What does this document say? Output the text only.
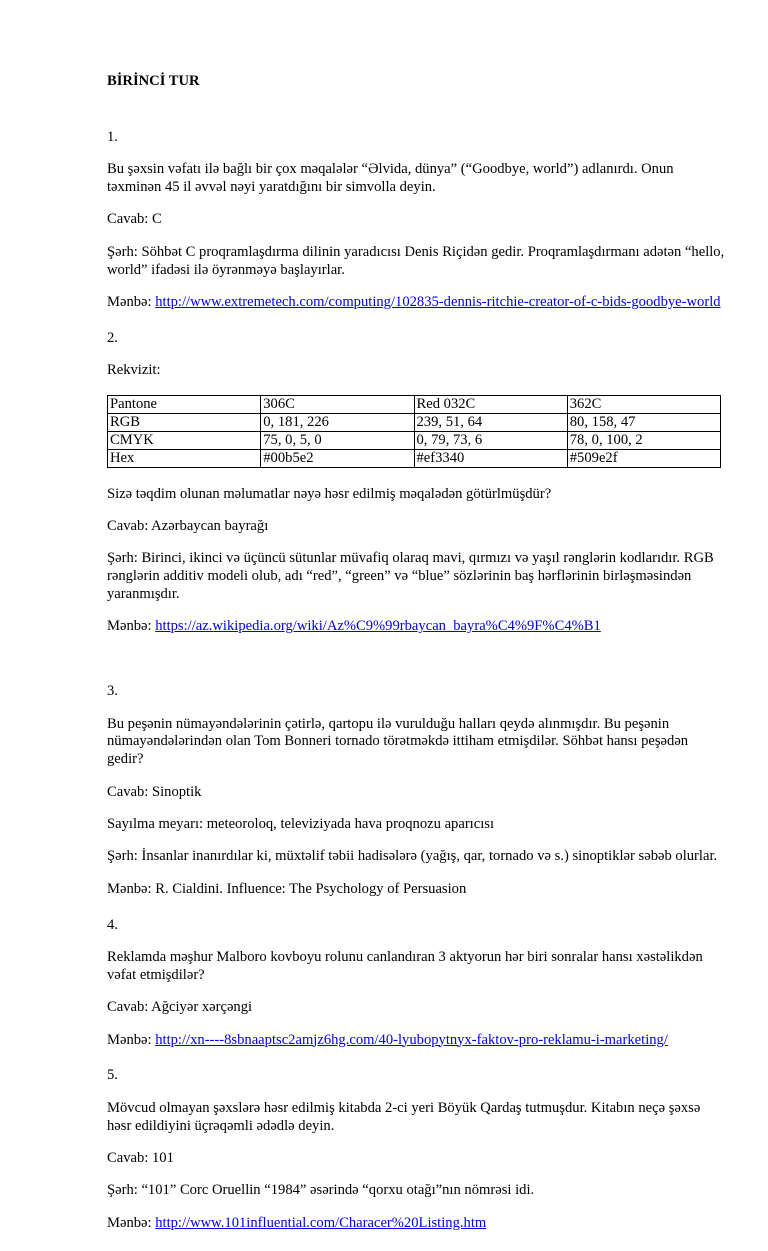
BİRİNCİ TUR

1.

Bu şəxsin vəfatı ilə bağlı bir çox məqalələr “Əlvida, dünya” (“Goodbye, world”) adlanırdı. Onun təxminən 45 il əvvəl nəyi yaratdığını bir simvolla deyin.

Cavab: C

Şərh: Söhbət C proqramlaşdırma dilinin yaradıcısı Denis Riçidən gedir. Proqramlaşdırmanı adətən “hello, world” ifadəsi ilə öyrənməyə başlayırlar.

Mənbə: http://www.extremetech.com/computing/102835-dennis-ritchie-creator-of-c-bids-goodbye-world

2.

Rekvizit:

Pantone	306C	Red 032C	362C
RGB	0, 181, 226	239, 51, 64	80, 158, 47
CMYK	75, 0, 5, 0	0, 79, 73, 6	78, 0, 100, 2
Hex	#00b5e2	#ef3340	#509e2f

Sizə təqdim olunan məlumatlar nəyə həsr edilmiş məqalədən götürlmüşdür?

Cavab: Azərbaycan bayrağı

Şərh: Birinci, ikinci və üçüncü sütunlar müvafiq olaraq mavi, qırmızı və yaşıl rənglərin kodlarıdır. RGB rənglərin additiv modeli olub, adı “red”, “green” və “blue” sözlərinin baş hərflərinin birləşməsindən yaranmışdır.

Mənbə: https://az.wikipedia.org/wiki/Az%C9%99rbaycan_bayra%C4%9F%C4%B1

3.

Bu peşənin nümayəndələrinin çətirlə, qartopu ilə vurulduğu halları qeydə alınmışdır. Bu peşənin nümayəndələrindən olan Tom Bonneri tornado törətməkdə ittiham etmişdilər. Söhbət hansı peşədən gedir?

Cavab: Sinoptik

Sayılma meyarı: meteoroloq, televiziyada hava proqnozu aparıcısı

Şərh: İnsanlar inanırdılar ki, müxtəlif təbii hadisələrə (yağış, qar, tornado və s.) sinoptiklər səbəb olurlar.

Mənbə: R. Cialdini. Influence: The Psychology of Persuasion

4.

Reklamda məşhur Malboro kovboyu rolunu canlandıran 3 aktyorun hər biri sonralar hansı xəstəlikdən vəfat etmişdilər?

Cavab: Ağciyər xərçəngi

Mənbə: http://xn----8sbnaaptsc2amjz6hg.com/40-lyubopytnyx-faktov-pro-reklamu-i-marketing/

5.

Mövcud olmayan şəxslərə həsr edilmiş kitabda 2-ci yeri Böyük Qardaş tutmuşdur. Kitabın neçə şəxsə həsr edildiyini üçrəqəmli ədədlə deyin.

Cavab: 101

Şərh: “101” Corc Oruellin “1984” əsərində “qorxu otağı”nın nömrəsi idi.

Mənbə: http://www.101influential.com/Characer%20Listing.htm
